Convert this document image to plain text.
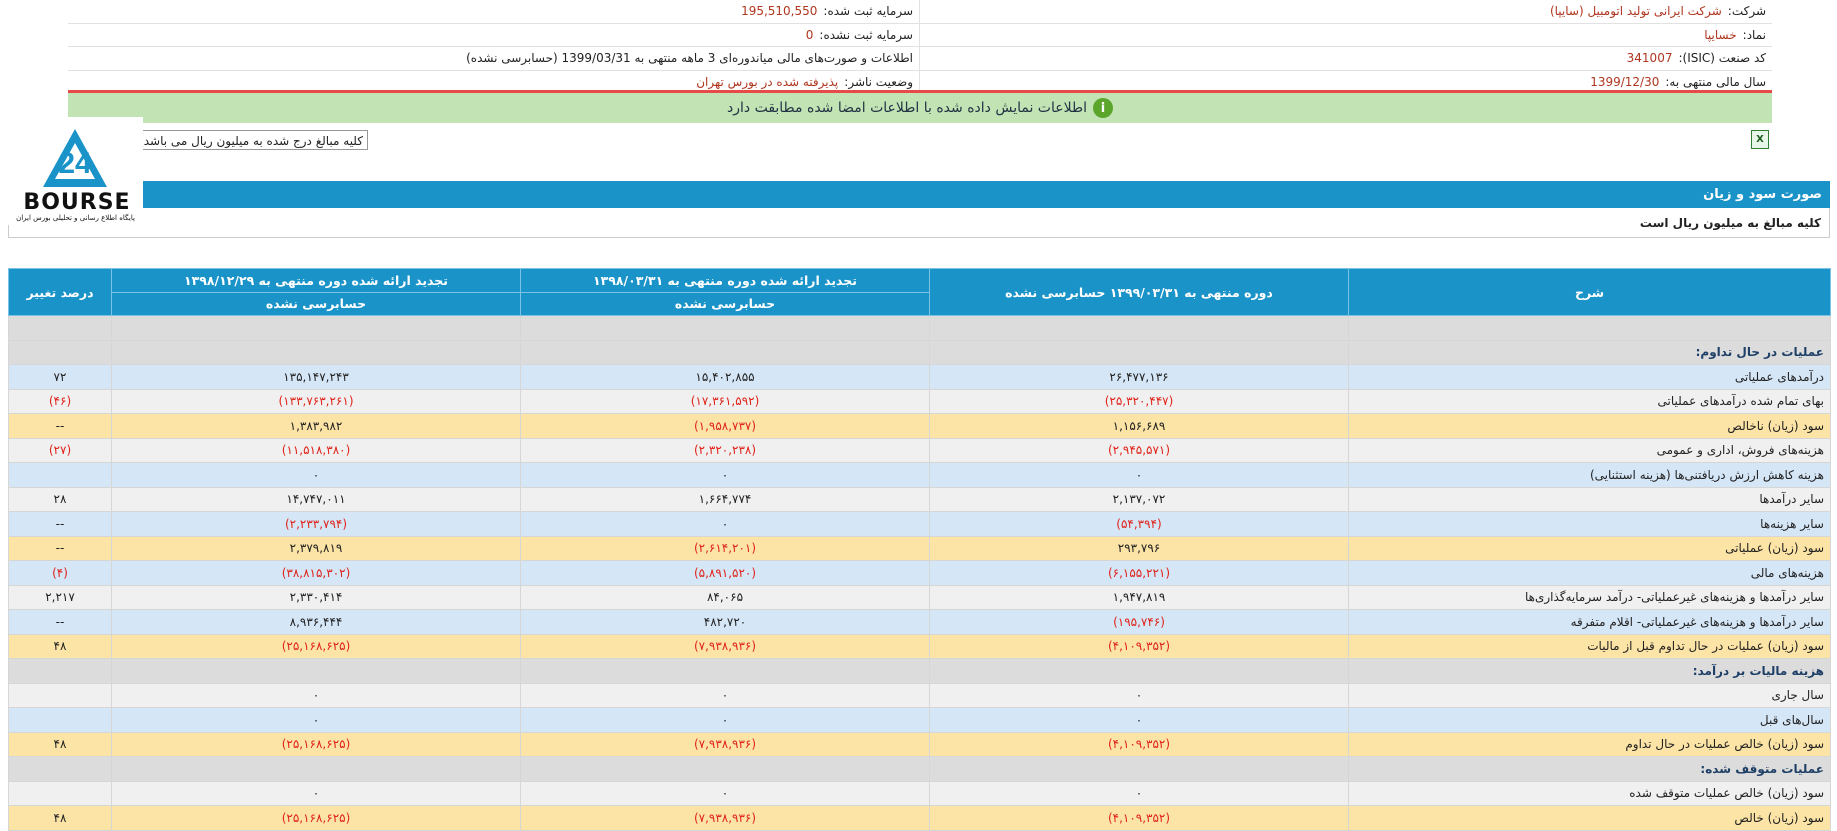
شرکت:
شرکت ایرانی تولید اتومبیل (سایپا)
سرمایه ثبت شده:
195,510,550
نماد:
خسایپا
سرمایه ثبت نشده:
0
کد صنعت (ISIC):
341007
اطلاعات و صورت‌های مالی میاندوره‌ای 3 ماهه منتهی به 1399/03/31 (حسابرسی نشده)
سال مالی منتهی به:
1399/12/30
وضعیت ناشر:
پذیرفته شده در بورس تهران
i
اطلاعات نمایش داده شده با اطلاعات امضا شده مطابقت دارد
X
کلیه مبالغ درج شده به میلیون ریال می باشد
صورت سود و زیان
کلیه مبالغ به میلیون ریال است
24
BOURSE
پایگاه اطلاع رسانی و تحلیلی بورس ایران
شرح	دوره منتهی به ۱۳۹۹/۰۳/۳۱ حسابرسی نشده	تجدید ارائه شده دوره منتهی به ۱۳۹۸/۰۳/۳۱	تجدید ارائه شده دوره منتهی به ۱۳۹۸/۱۲/۲۹	درصد تغییر
		حسابرسی نشده	حسابرسی نشده	

عملیات در حال تداوم:				
درآمدهای عملیاتی	۲۶,۴۷۷,۱۳۶	۱۵,۴۰۲,۸۵۵	۱۳۵,۱۴۷,۲۴۳	۷۲
بهای تمام شده درآمدهای عملیاتی	(۲۵,۳۲۰,۴۴۷)	(۱۷,۳۶۱,۵۹۲)	(۱۳۳,۷۶۳,۲۶۱)	(۴۶)
سود (زیان) ناخالص	۱,۱۵۶,۶۸۹	(۱,۹۵۸,۷۳۷)	۱,۳۸۳,۹۸۲	--
هزینه‌های فروش، اداری و عمومی	(۲,۹۴۵,۵۷۱)	(۲,۳۲۰,۲۳۸)	(۱۱,۵۱۸,۳۸۰)	(۲۷)
هزینه کاهش ارزش دریافتنی‌ها (هزینه استثنایی)	۰	۰	۰	
سایر درآمدها	۲,۱۳۷,۰۷۲	۱,۶۶۴,۷۷۴	۱۴,۷۴۷,۰۱۱	۲۸
سایر هزینه‌ها	(۵۴,۳۹۴)	۰	(۲,۲۳۳,۷۹۴)	--
سود (زیان) عملیاتی	۲۹۳,۷۹۶	(۲,۶۱۴,۲۰۱)	۲,۳۷۹,۸۱۹	--
هزینه‌های مالی	(۶,۱۵۵,۲۲۱)	(۵,۸۹۱,۵۲۰)	(۳۸,۸۱۵,۳۰۲)	(۴)
سایر درآمدها و هزینه‌های غیرعملیاتی- درآمد سرمایه‌گذاری‌ها	۱,۹۴۷,۸۱۹	۸۴,۰۶۵	۲,۳۳۰,۴۱۴	۲,۲۱۷
سایر درآمدها و هزینه‌های غیرعملیاتی- اقلام متفرقه	(۱۹۵,۷۴۶)	۴۸۲,۷۲۰	۸,۹۳۶,۴۴۴	--
سود (زیان) عملیات در حال تداوم قبل از مالیات	(۴,۱۰۹,۳۵۲)	(۷,۹۳۸,۹۳۶)	(۲۵,۱۶۸,۶۲۵)	۴۸
هزینه مالیات بر درآمد:				
سال جاری	۰	۰	۰	
سال‌های قبل	۰	۰	۰	
سود (زیان) خالص عملیات در حال تداوم	(۴,۱۰۹,۳۵۲)	(۷,۹۳۸,۹۳۶)	(۲۵,۱۶۸,۶۲۵)	۴۸
عملیات متوقف شده:				
سود (زیان) خالص عملیات متوقف شده	۰	۰	۰	
سود (زیان) خالص	(۴,۱۰۹,۳۵۲)	(۷,۹۳۸,۹۳۶)	(۲۵,۱۶۸,۶۲۵)	۴۸
